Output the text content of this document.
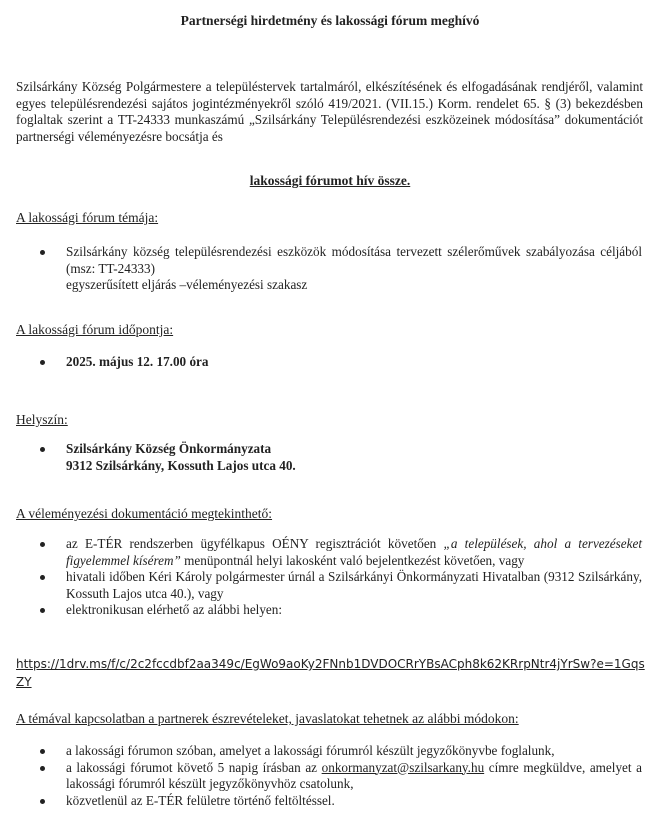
Partnerségi hirdetmény és lakossági fórum meghívó
Szilsárkány Község Polgármestere a településtervek tartalmáról, elkészítésének és elfogadásának rendjéről, valamint egyes településrendezési sajátos jogintézményekről szóló 419/2021. (VII.15.) Korm. rendelet 65. § (3) bekezdésben foglaltak szerint a TT-24333 munkaszámú „Szilsárkány Településrendezési eszközeinek módosítása” dokumentációt partnerségi véleményezésre bocsátja és
lakossági fórumot hív össze.
A lakossági fórum témája:
Szilsárkány község településrendezési eszközök módosítása tervezett szélerőművek szabályozása céljából (msz: TT-24333)
egyszerűsített eljárás –véleményezési szakasz
A lakossági fórum időpontja:
2025. május 12. 17.00 óra
Helyszín:
Szilsárkány Község Önkormányzata
9312 Szilsárkány, Kossuth Lajos utca 40.
A véleményezési dokumentáció megtekinthető:
az E-TÉR rendszerben ügyfélkapus OÉNY regisztrációt követően „a települések, ahol a tervezéseket figyelemmel kísérem” menüpontnál helyi lakosként való bejelentkezést követően, vagy
hivatali időben Kéri Károly polgármester úrnál a Szilsárkányi Önkormányzati Hivatalban (9312 Szilsárkány, Kossuth Lajos utca 40.), vagy
elektronikusan elérhető az alábbi helyen:
https://1drv.ms/f/c/2c2fccdbf2aa349c/EgWo9aoKy2FNnb1DVDOCRrYBsACph8k62KRrpNtr4jYrSw?e=1GqsZY
A témával kapcsolatban a partnerek észrevételeket, javaslatokat tehetnek az alábbi módokon:
a lakossági fórumon szóban, amelyet a lakossági fórumról készült jegyzőkönyvbe foglalunk,
a lakossági fórumot követő 5 napig írásban az onkormanyzat@szilsarkany.hu címre megküldve, amelyet a lakossági fórumról készült jegyzőkönyvhöz csatolunk,
közvetlenül az E-TÉR felületre történő feltöltéssel.
